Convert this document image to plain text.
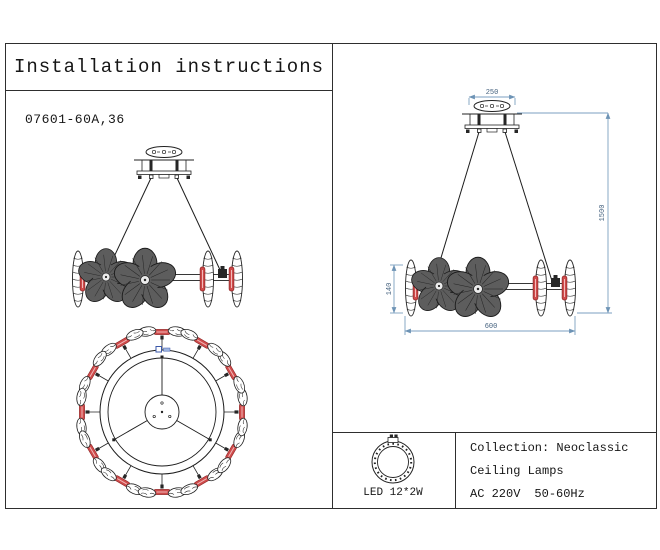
Installation instructions
07601-60A,36
Collection: Neoclassic
Ceiling Lamps
AC 220V 50-60Hz
LED 12*2W
250
1500
140
600
